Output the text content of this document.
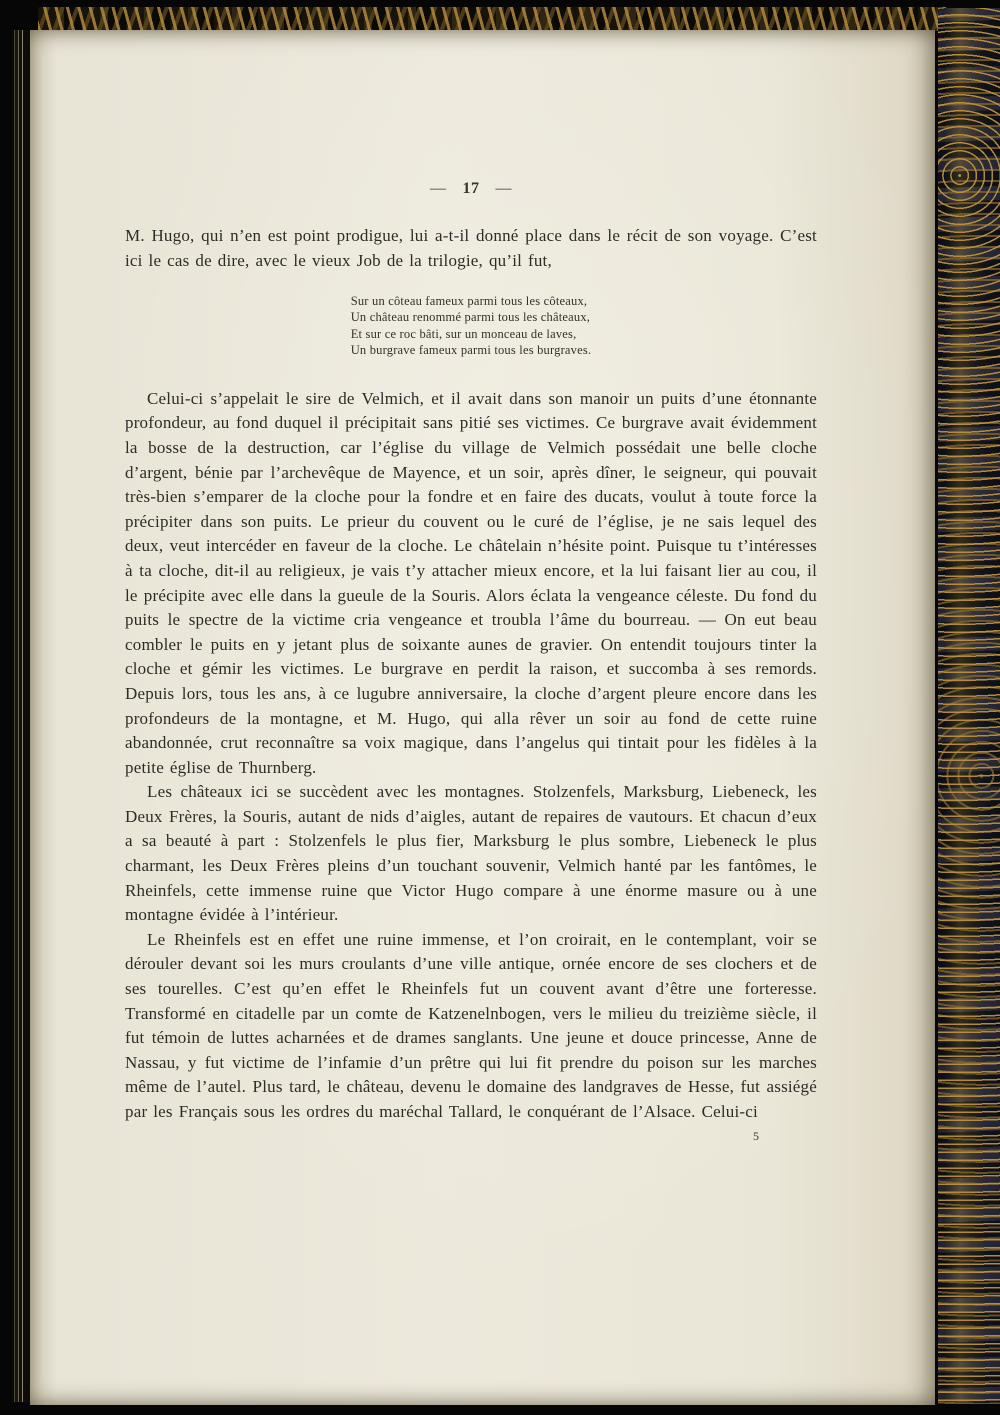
— 17 —

M. Hugo, qui n’en est point prodigue, lui a-t-il donné place dans le récit de son voyage. C’est ici le cas de dire, avec le vieux Job de la trilogie, qu’il fut,

Sur un côteau fameux parmi tous les côteaux,
Un château renommé parmi tous les châteaux,
Et sur ce roc bâti, sur un monceau de laves,
Un burgrave fameux parmi tous les burgraves.

Celui-ci s’appelait le sire de Velmich, et il avait dans son manoir un puits d’une étonnante profondeur, au fond duquel il précipitait sans pitié ses victimes. Ce burgrave avait évidemment la bosse de la destruction, car l’église du village de Velmich possédait une belle cloche d’argent, bénie par l’archevêque de Mayence, et un soir, après dîner, le seigneur, qui pouvait très-bien s’emparer de la cloche pour la fondre et en faire des ducats, voulut à toute force la précipiter dans son puits. Le prieur du couvent ou le curé de l’église, je ne sais lequel des deux, veut intercéder en faveur de la cloche. Le châtelain n’hésite point. Puisque tu t’intéresses à ta cloche, dit-il au religieux, je vais t’y attacher mieux encore, et la lui faisant lier au cou, il le précipite avec elle dans la gueule de la Souris. Alors éclata la vengeance céleste. Du fond du puits le spectre de la victime cria vengeance et troubla l’âme du bourreau. — On eut beau combler le puits en y jetant plus de soixante aunes de gravier. On entendit toujours tinter la cloche et gémir les victimes. Le burgrave en perdit la raison, et succomba à ses remords. Depuis lors, tous les ans, à ce lugubre anniversaire, la cloche d’argent pleure encore dans les profondeurs de la montagne, et M. Hugo, qui alla rêver un soir au fond de cette ruine abandonnée, crut reconnaître sa voix magique, dans l’angelus qui tintait pour les fidèles à la petite église de Thurnberg.

Les châteaux ici se succèdent avec les montagnes. Stolzenfels, Marksburg, Liebeneck, les Deux Frères, la Souris, autant de nids d’aigles, autant de repaires de vautours. Et chacun d’eux a sa beauté à part : Stolzenfels le plus fier, Marksburg le plus sombre, Liebeneck le plus charmant, les Deux Frères pleins d’un touchant souvenir, Velmich hanté par les fantômes, le Rheinfels, cette immense ruine que Victor Hugo compare à une énorme masure ou à une montagne évidée à l’intérieur.

Le Rheinfels est en effet une ruine immense, et l’on croirait, en le contemplant, voir se dérouler devant soi les murs croulants d’une ville antique, ornée encore de ses clochers et de ses tourelles. C’est qu’en effet le Rheinfels fut un couvent avant d’être une forteresse. Transformé en citadelle par un comte de Katzenelnbogen, vers le milieu du treizième siècle, il fut témoin de luttes acharnées et de drames sanglants. Une jeune et douce princesse, Anne de Nassau, y fut victime de l’infamie d’un prêtre qui lui fit prendre du poison sur les marches même de l’autel. Plus tard, le château, devenu le domaine des landgraves de Hesse, fut assiégé par les Français sous les ordres du maréchal Tallard, le conquérant de l’Alsace. Celui-ci

5
